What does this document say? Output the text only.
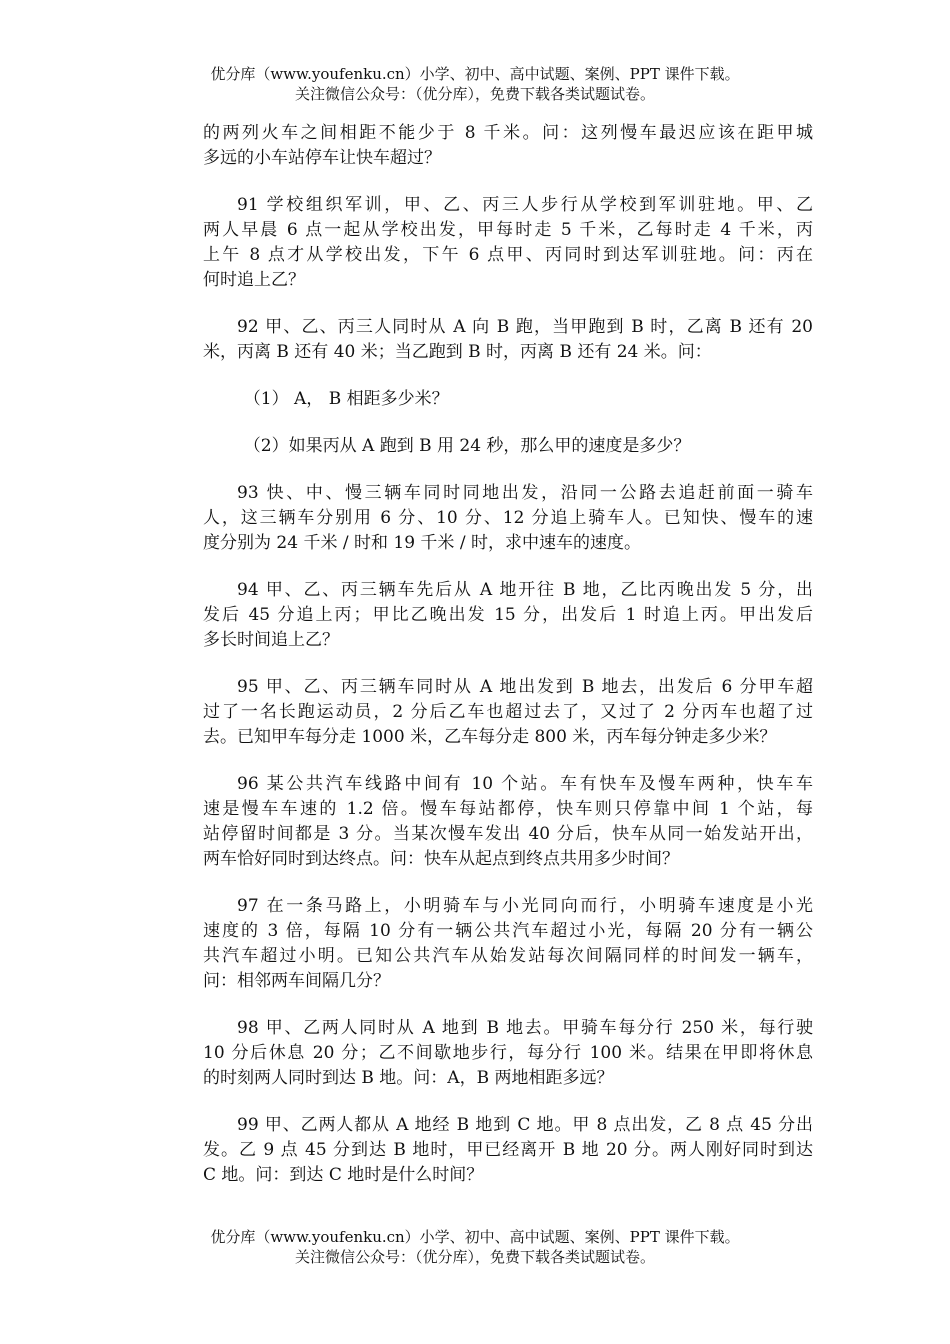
优分库（www.youfenku.cn）小学、初中、高中试题、案例、PPT 课件下载。
关注微信公众号：（优分库），免费下载各类试题试卷。
的两列火车之间相距不能少于 8 千米。问：这列慢车最迟应该在距甲城
多远的小车站停车让快车超过？
91 学校组织军训，甲、乙、丙三人步行从学校到军训驻地。甲、乙
两人早晨 6 点一起从学校出发，甲每时走 5 千米，乙每时走 4 千米，丙
上午 8 点才从学校出发，下午 6 点甲、丙同时到达军训驻地。问：丙在
何时追上乙？
92 甲、乙、丙三人同时从 A 向 B 跑，当甲跑到 B 时，乙离 B 还有 20
米，丙离 B 还有 40 米；当乙跑到 B 时，丙离 B 还有 24 米。问：
（1） A， B 相距多少米？
（2）如果丙从 A 跑到 B 用 24 秒，那么甲的速度是多少？
93 快、中、慢三辆车同时同地出发，沿同一公路去追赶前面一骑车
人，这三辆车分别用 6 分、10 分、12 分追上骑车人。已知快、慢车的速
度分别为 24 千米 / 时和 19 千米 / 时，求中速车的速度。
94 甲、乙、丙三辆车先后从 A 地开往 B 地，乙比丙晚出发 5 分，出
发后 45 分追上丙；甲比乙晚出发 15 分，出发后 1 时追上丙。甲出发后
多长时间追上乙？
95 甲、乙、丙三辆车同时从 A 地出发到 B 地去，出发后 6 分甲车超
过了一名长跑运动员，2 分后乙车也超过去了，又过了 2 分丙车也超了过
去。已知甲车每分走 1000 米，乙车每分走 800 米，丙车每分钟走多少米？
96 某公共汽车线路中间有 10 个站。车有快车及慢车两种，快车车
速是慢车车速的 1.2 倍。慢车每站都停，快车则只停靠中间 1 个站，每
站停留时间都是 3 分。当某次慢车发出 40 分后，快车从同一始发站开出，
两车恰好同时到达终点。问：快车从起点到终点共用多少时间？
97 在一条马路上，小明骑车与小光同向而行，小明骑车速度是小光
速度的 3 倍，每隔 10 分有一辆公共汽车超过小光，每隔 20 分有一辆公
共汽车超过小明。已知公共汽车从始发站每次间隔同样的时间发一辆车，
问：相邻两车间隔几分？
98 甲、乙两人同时从 A 地到 B 地去。甲骑车每分行 250 米，每行驶
10 分后休息 20 分；乙不间歇地步行，每分行 100 米。结果在甲即将休息
的时刻两人同时到达 B 地。问：A，B 两地相距多远？
99 甲、乙两人都从 A 地经 B 地到 C 地。甲 8 点出发，乙 8 点 45 分出
发。乙 9 点 45 分到达 B 地时，甲已经离开 B 地 20 分。两人刚好同时到达
C 地。问：到达 C 地时是什么时间？
优分库（www.youfenku.cn）小学、初中、高中试题、案例、PPT 课件下载。
关注微信公众号：（优分库），免费下载各类试题试卷。
